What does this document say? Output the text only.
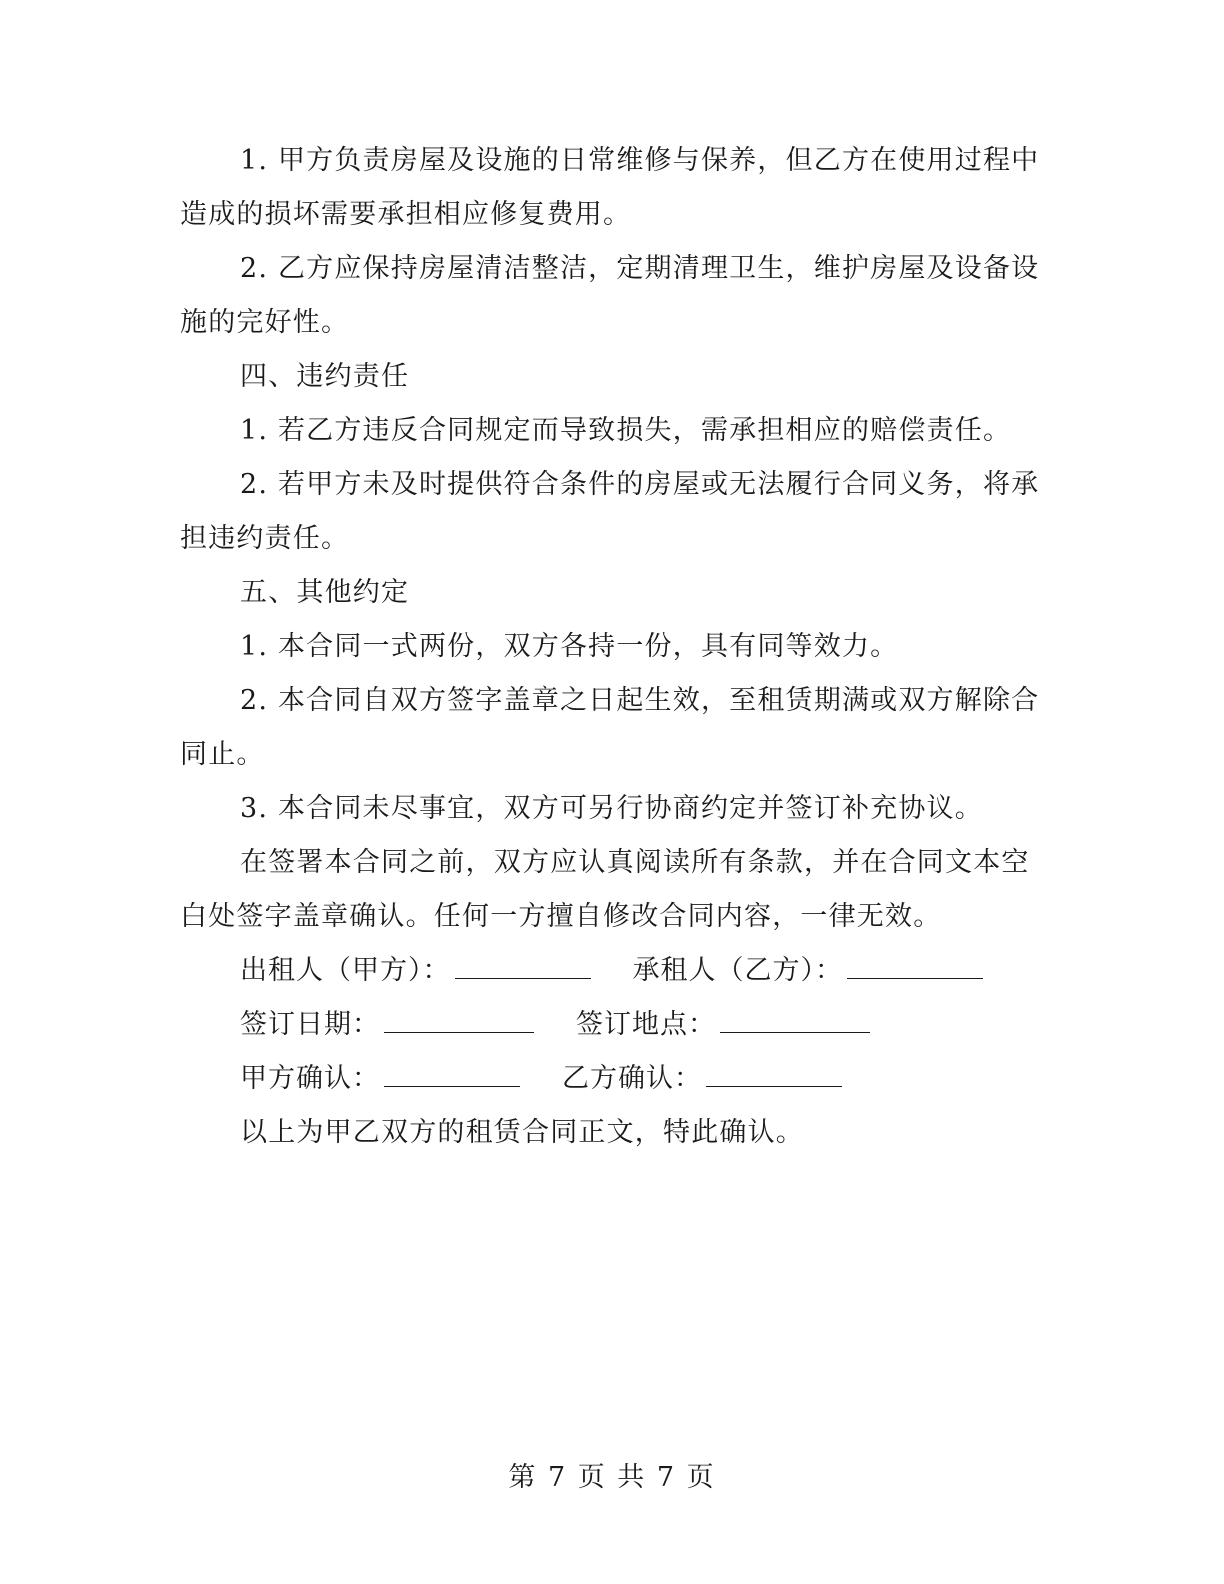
1. 甲方负责房屋及设施的日常维修与保养，但乙方在使用过程中造成的损坏需要承担相应修复费用。

2. 乙方应保持房屋清洁整洁，定期清理卫生，维护房屋及设备设施的完好性。

四、违约责任

1. 若乙方违反合同规定而导致损失，需承担相应的赔偿责任。

2. 若甲方未及时提供符合条件的房屋或无法履行合同义务，将承担违约责任。

五、其他约定

1. 本合同一式两份，双方各持一份，具有同等效力。

2. 本合同自双方签字盖章之日起生效，至租赁期满或双方解除合同止。

3. 本合同未尽事宜，双方可另行协商约定并签订补充协议。

在签署本合同之前，双方应认真阅读所有条款，并在合同文本空白处签字盖章确认。任何一方擅自修改合同内容，一律无效。

出租人（甲方）：	承租人（乙方）：

签订日期：	签订地点：

甲方确认：	乙方确认：

以上为甲乙双方的租赁合同正文，特此确认。

第 7 页 共 7 页
